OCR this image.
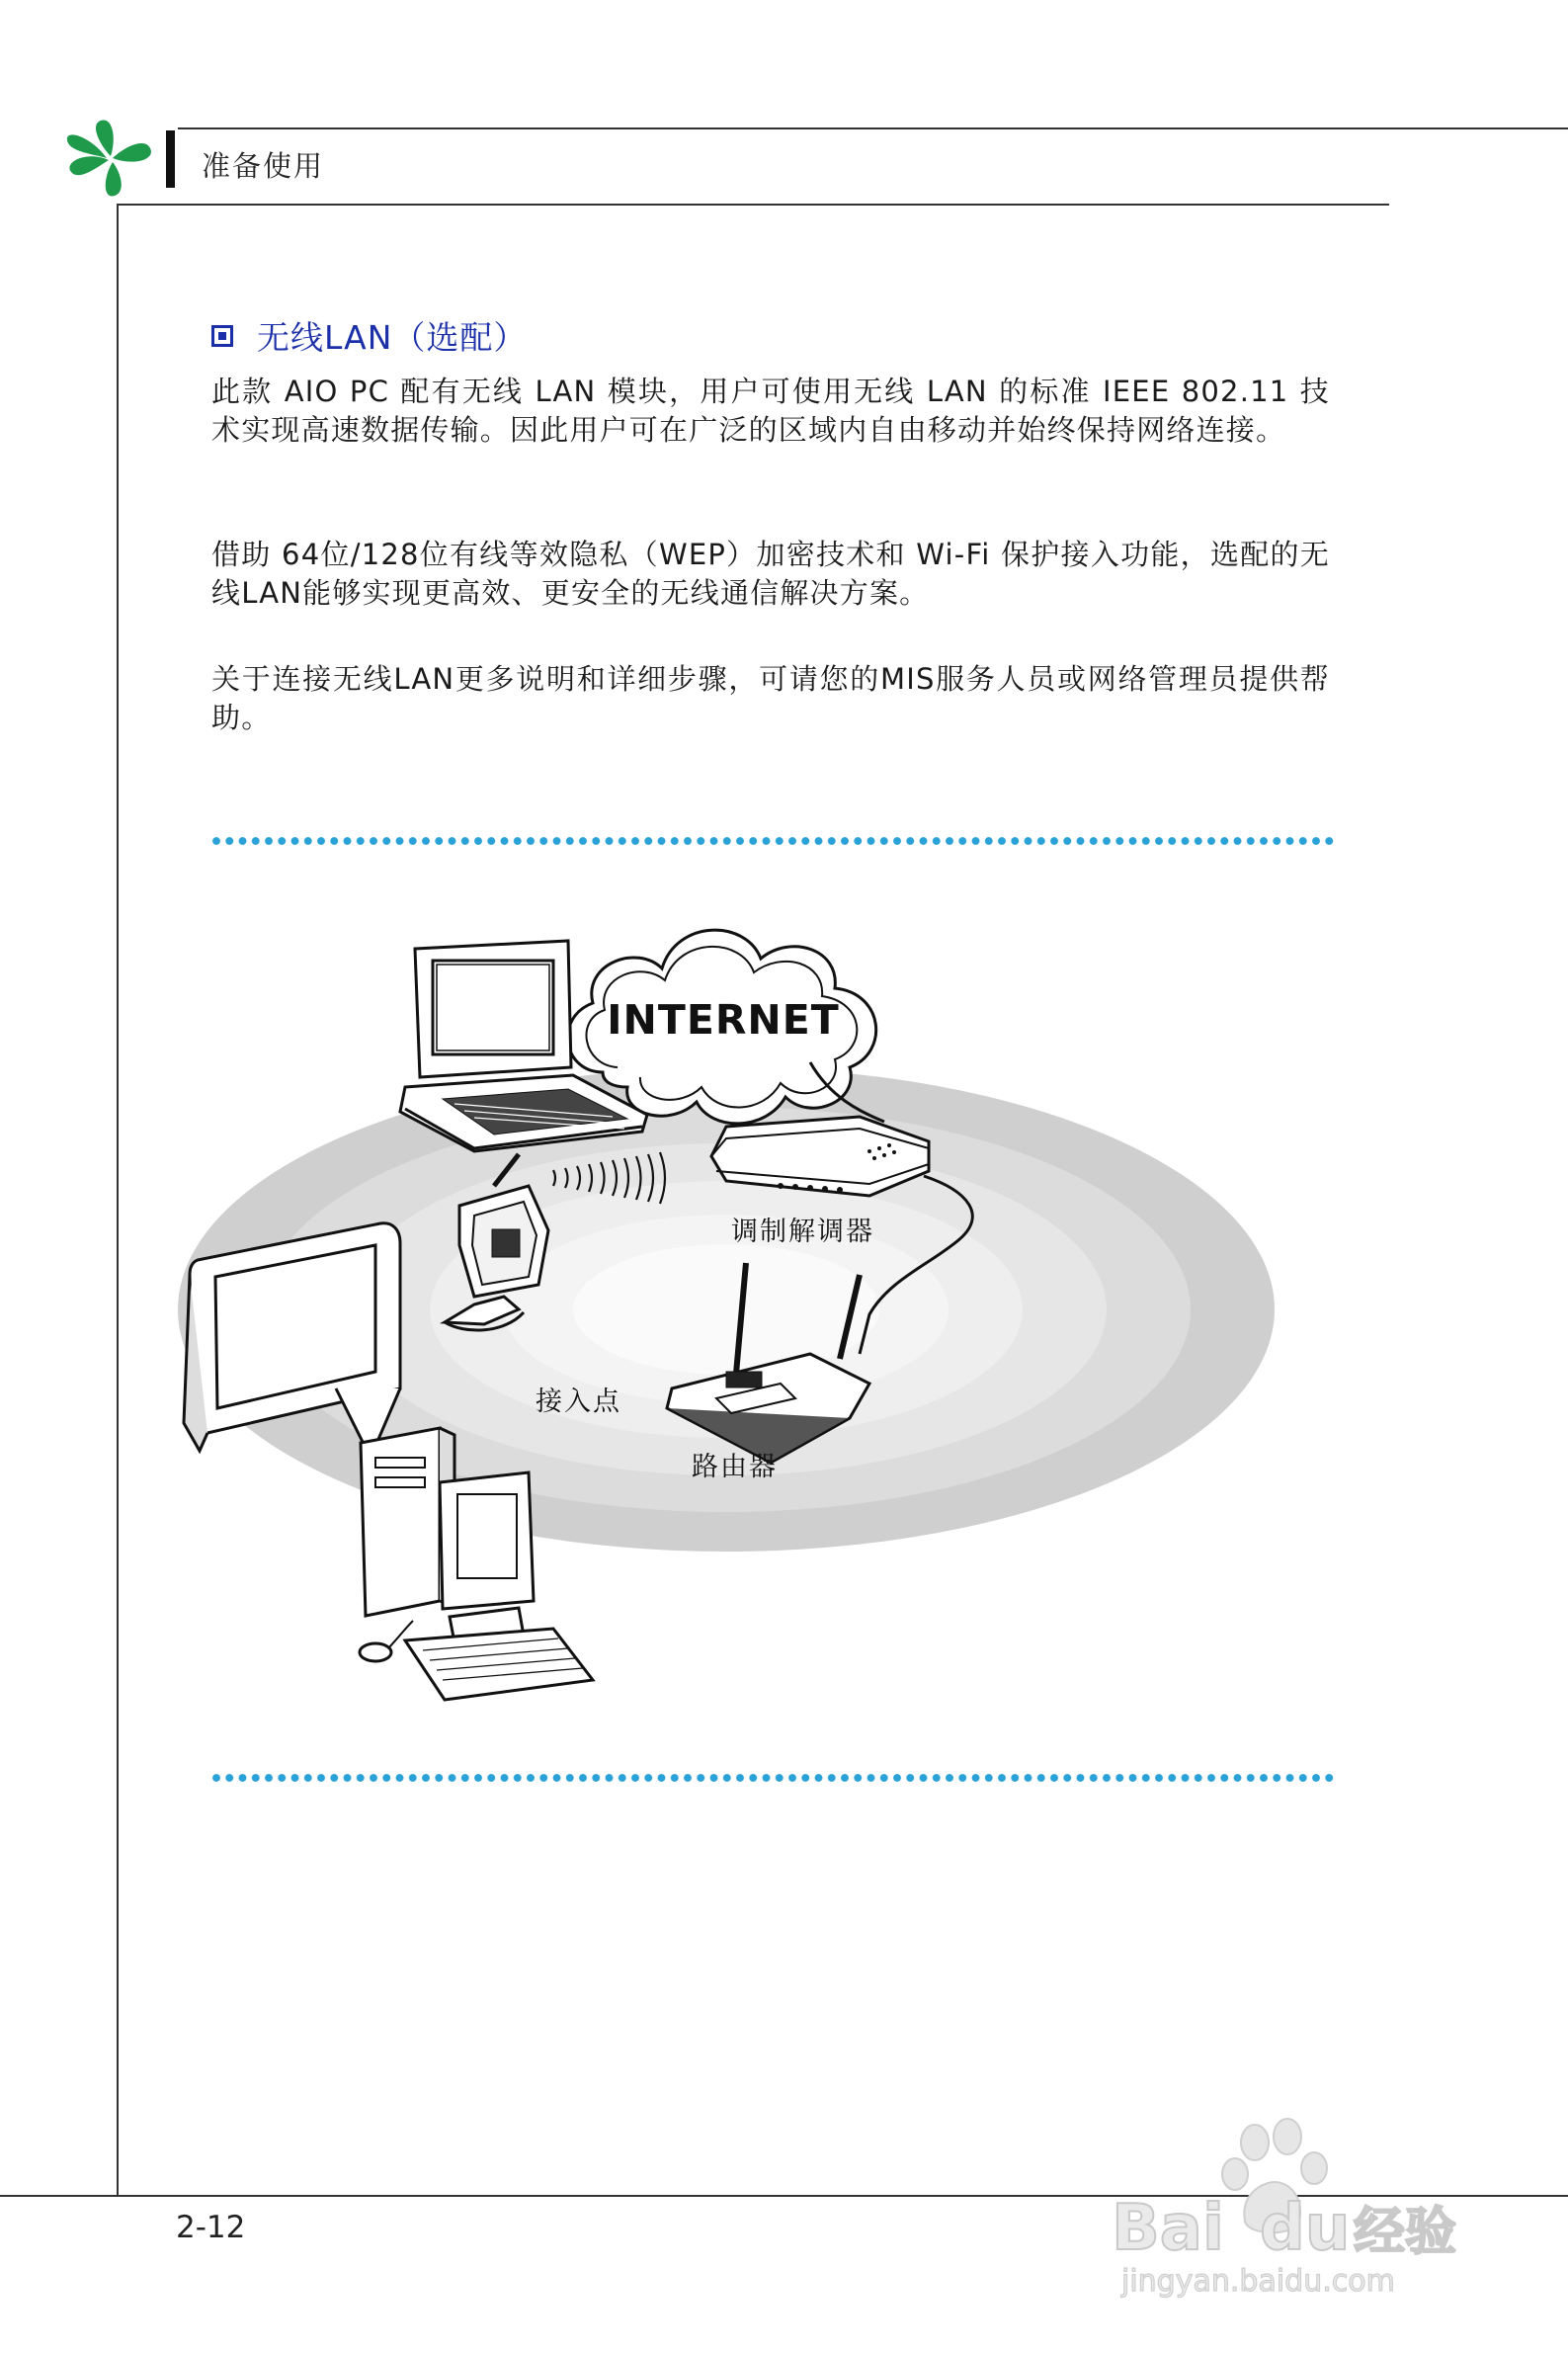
准备使用
无线LAN（选配）
此款 AIO PC 配有无线 LAN 模块，用户可使用无线 LAN 的标准 IEEE 802.11 技术实现高速数据传输。因此用户可在广泛的区域内自由移动并始终保持网络连接。
借助 64位/128位有线等效隐私（WEP）加密技术和 Wi-Fi 保护接入功能，选配的无线LAN能够实现更高效、更安全的无线通信解决方案。
关于连接无线LAN更多说明和详细步骤，可请您的MIS服务人员或网络管理员提供帮助。
INTERNET
调制解调器
接入点
路由器
2-12	Bai du 经验
jingyan.baidu.com
